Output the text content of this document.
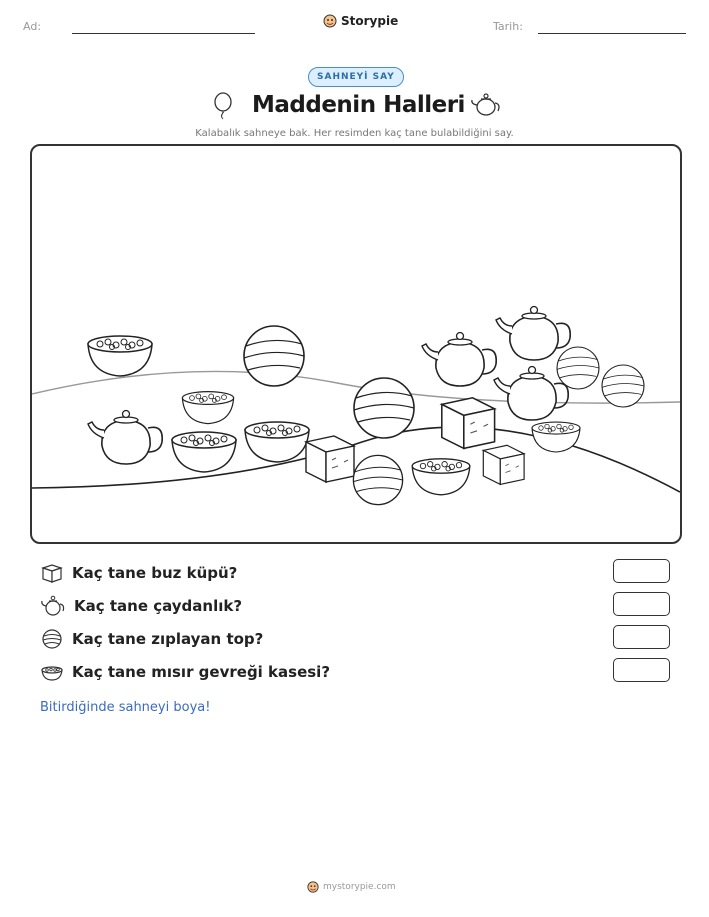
Ad:	Storypie	Tarih:
SAHNEYİ SAY
Maddenin Halleri
Kalabalık sahneye bak. Her resimden kaç tane bulabildiğini say.
Kaç tane buz küpü?
Kaç tane çaydanlık?
Kaç tane zıplayan top?
Kaç tane mısır gevreği kasesi?
Bitirdiğinde sahneyi boya!
mystorypie.com
